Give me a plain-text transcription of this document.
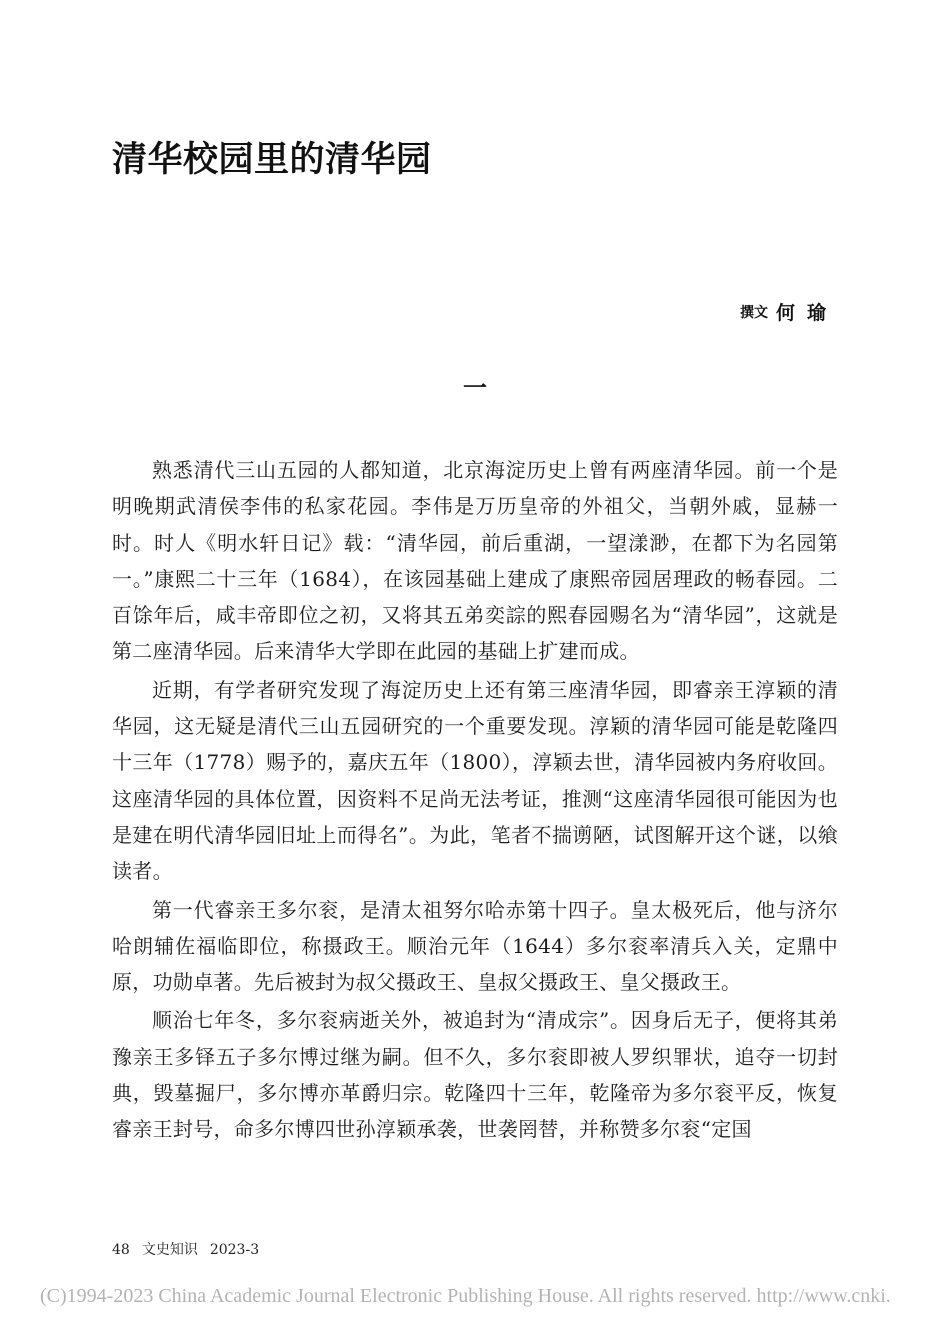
清华校园里的清华园
撰文 何瑜
一

熟悉清代三山五园的人都知道，北京海淀历史上曾有两座清华园。前一个是明晚期武清侯李伟的私家花园。李伟是万历皇帝的外祖父，当朝外戚，显赫一时。时人《明水轩日记》载：“清华园，前后重湖，一望漾渺，在都下为名园第一。”康熙二十三年（1684），在该园基础上建成了康熙帝园居理政的畅春园。二百馀年后，咸丰帝即位之初，又将其五弟奕誴的熙春园赐名为“清华园”，这就是第二座清华园。后来清华大学即在此园的基础上扩建而成。

近期，有学者研究发现了海淀历史上还有第三座清华园，即睿亲王淳颖的清华园，这无疑是清代三山五园研究的一个重要发现。淳颖的清华园可能是乾隆四十三年（1778）赐予的，嘉庆五年（1800），淳颖去世，清华园被内务府收回。这座清华园的具体位置，因资料不足尚无法考证，推测“这座清华园很可能因为也是建在明代清华园旧址上而得名”。为此，笔者不揣谫陋，试图解开这个谜，以飨读者。

第一代睿亲王多尔衮，是清太祖努尔哈赤第十四子。皇太极死后，他与济尔哈朗辅佐福临即位，称摄政王。顺治元年（1644）多尔衮率清兵入关，定鼎中原，功勋卓著。先后被封为叔父摄政王、皇叔父摄政王、皇父摄政王。

顺治七年冬，多尔衮病逝关外，被追封为“清成宗”。因身后无子，便将其弟豫亲王多铎五子多尔博过继为嗣。但不久，多尔衮即被人罗织罪状，追夺一切封典，毁墓掘尸，多尔博亦革爵归宗。乾隆四十三年，乾隆帝为多尔衮平反，恢复睿亲王封号，命多尔博四世孙淳颖承袭，世袭罔替，并称赞多尔衮“定国

48 文史知识 2023-3
(C)1994-2023 China Academic Journal Electronic Publishing House. All rights reserved. http://www.cnki.
